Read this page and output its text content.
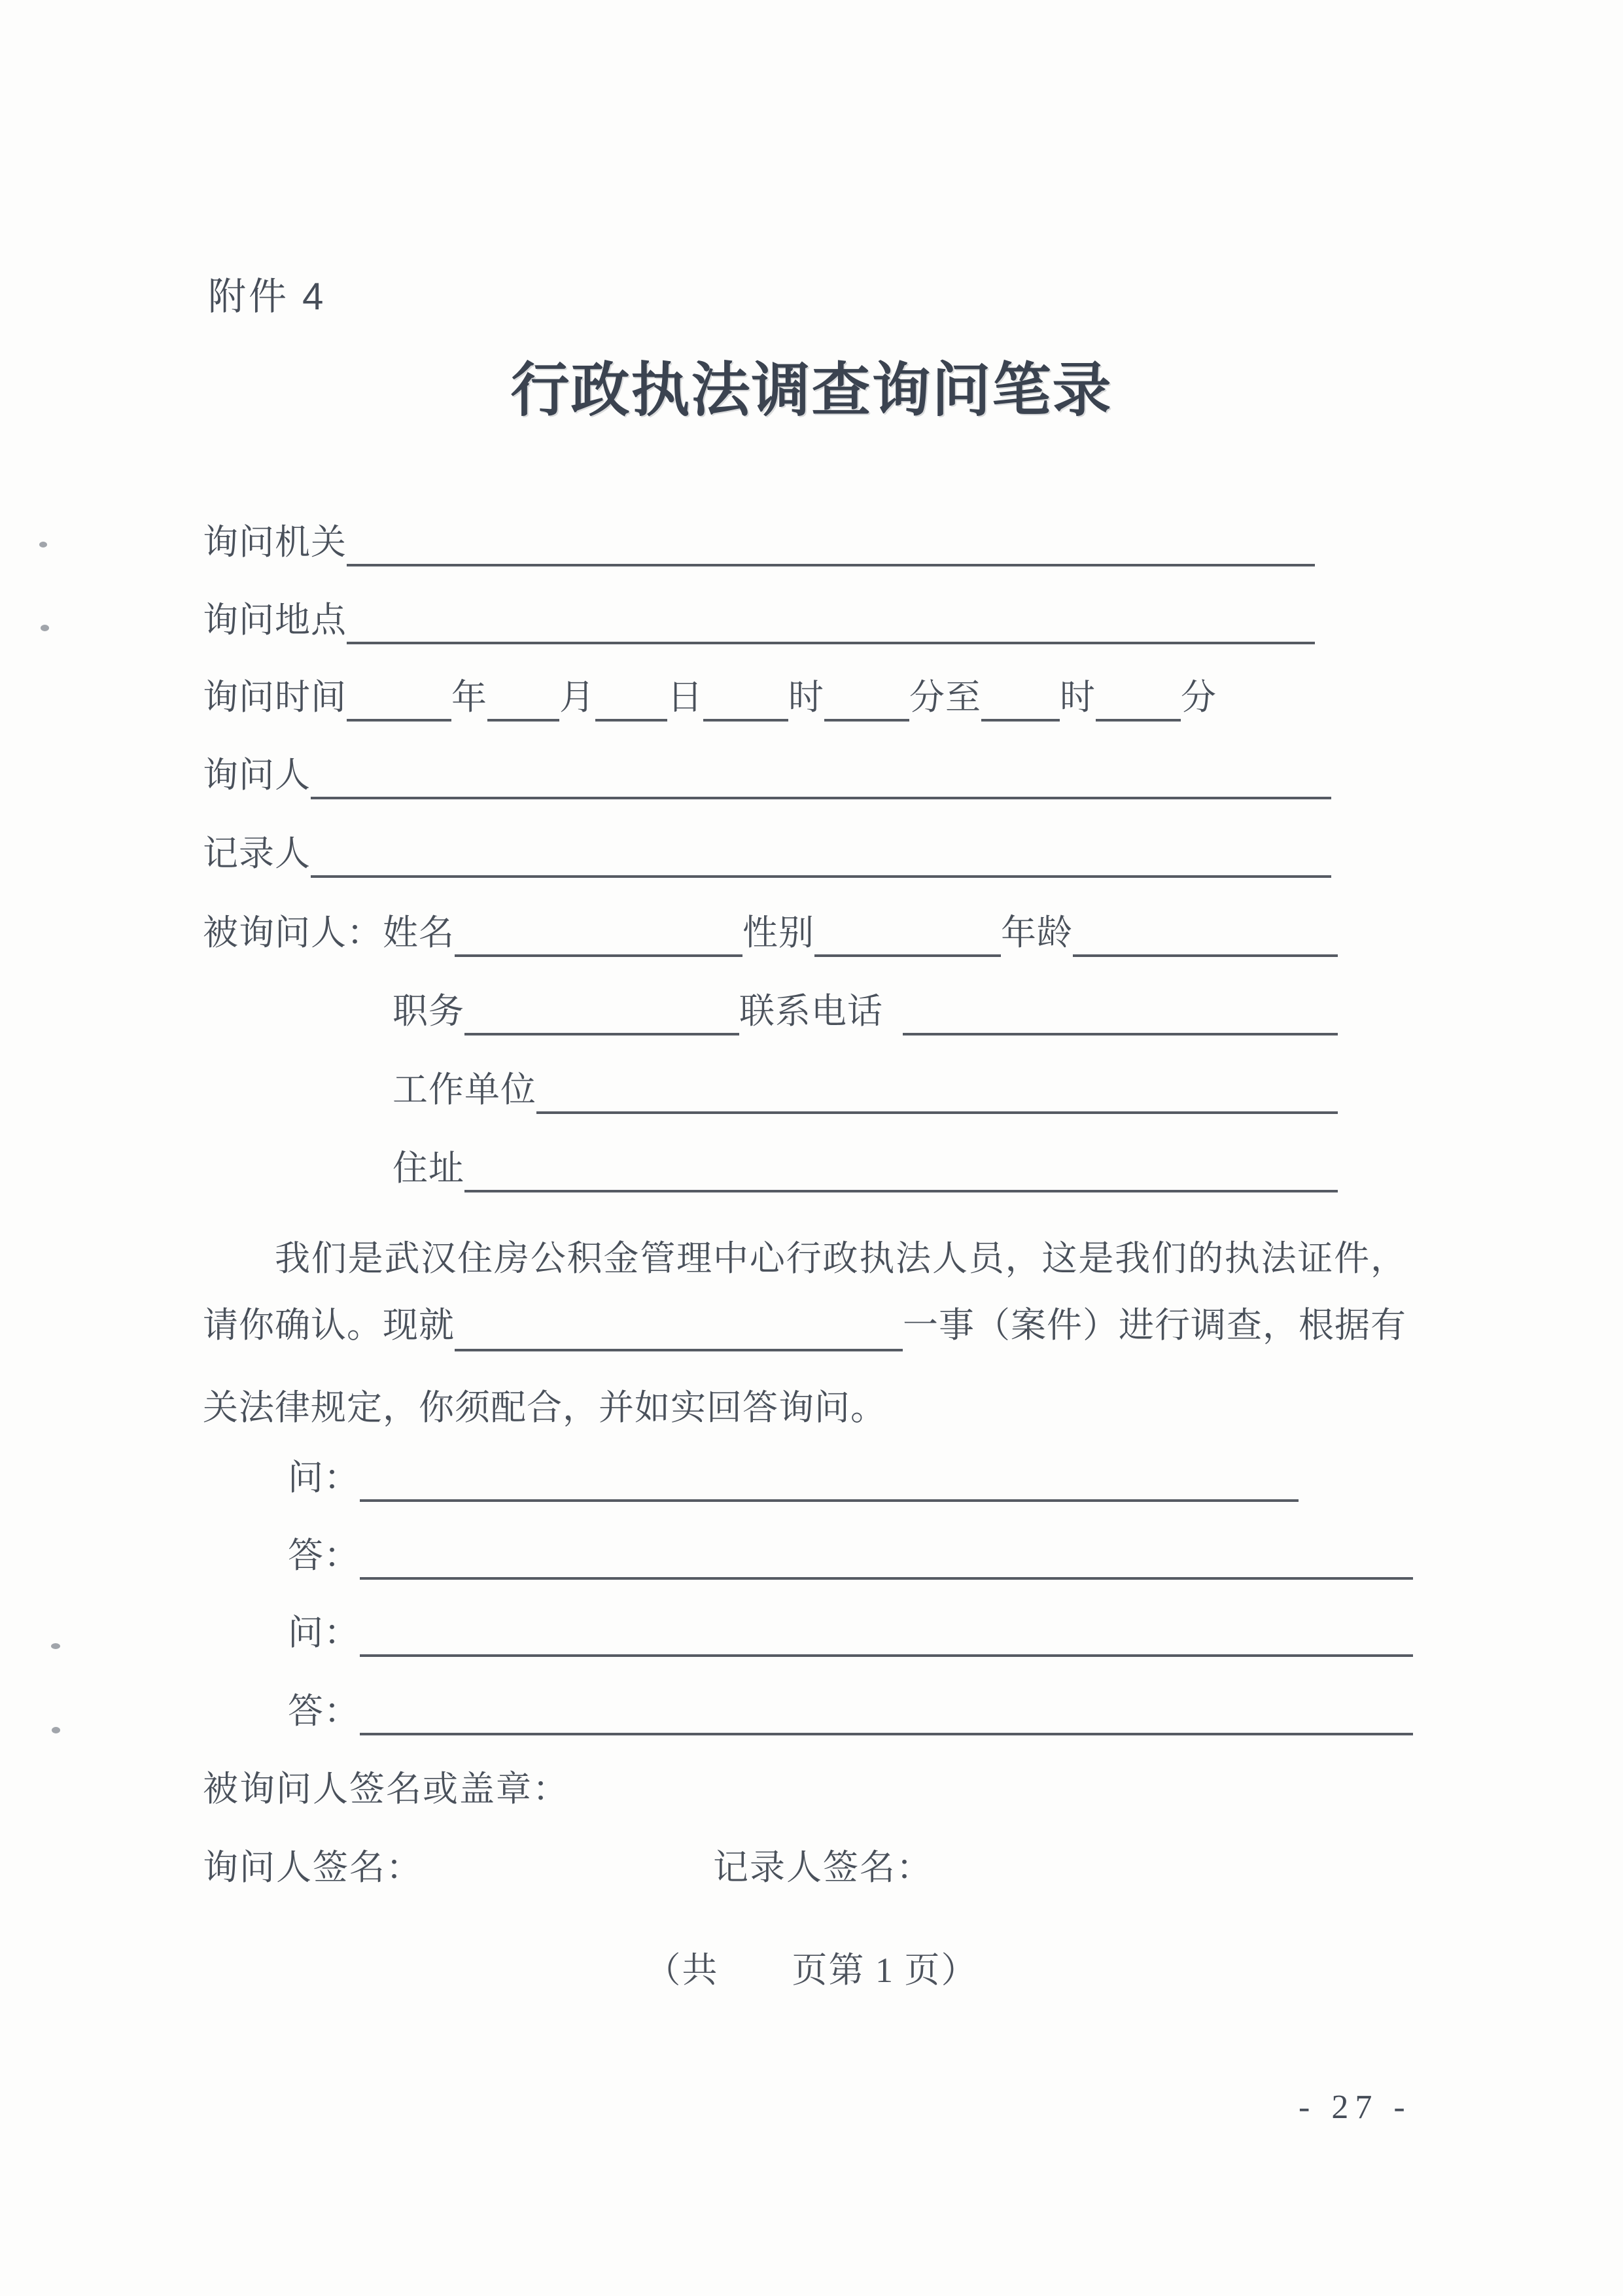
附件 4
行政执法调查询问笔录
询问机关
询问地点
询问时间	年 月 日 时 分至 时 分
询问人
记录人
被询问人： 姓名	性别	年龄
职务	联系电话
工作单位
住址
我们是武汉住房公积金管理中心行政执法人员，这是我们的执法证件，
请你确认。现就	一事（案件）进行调查，根据有
关法律规定，你须配合，并如实回答询问。
问：
答：
问：
答：
被询问人签名或盖章：
询问人签名：	记录人签名：
（共　　页第 1 页）
- 27 -
